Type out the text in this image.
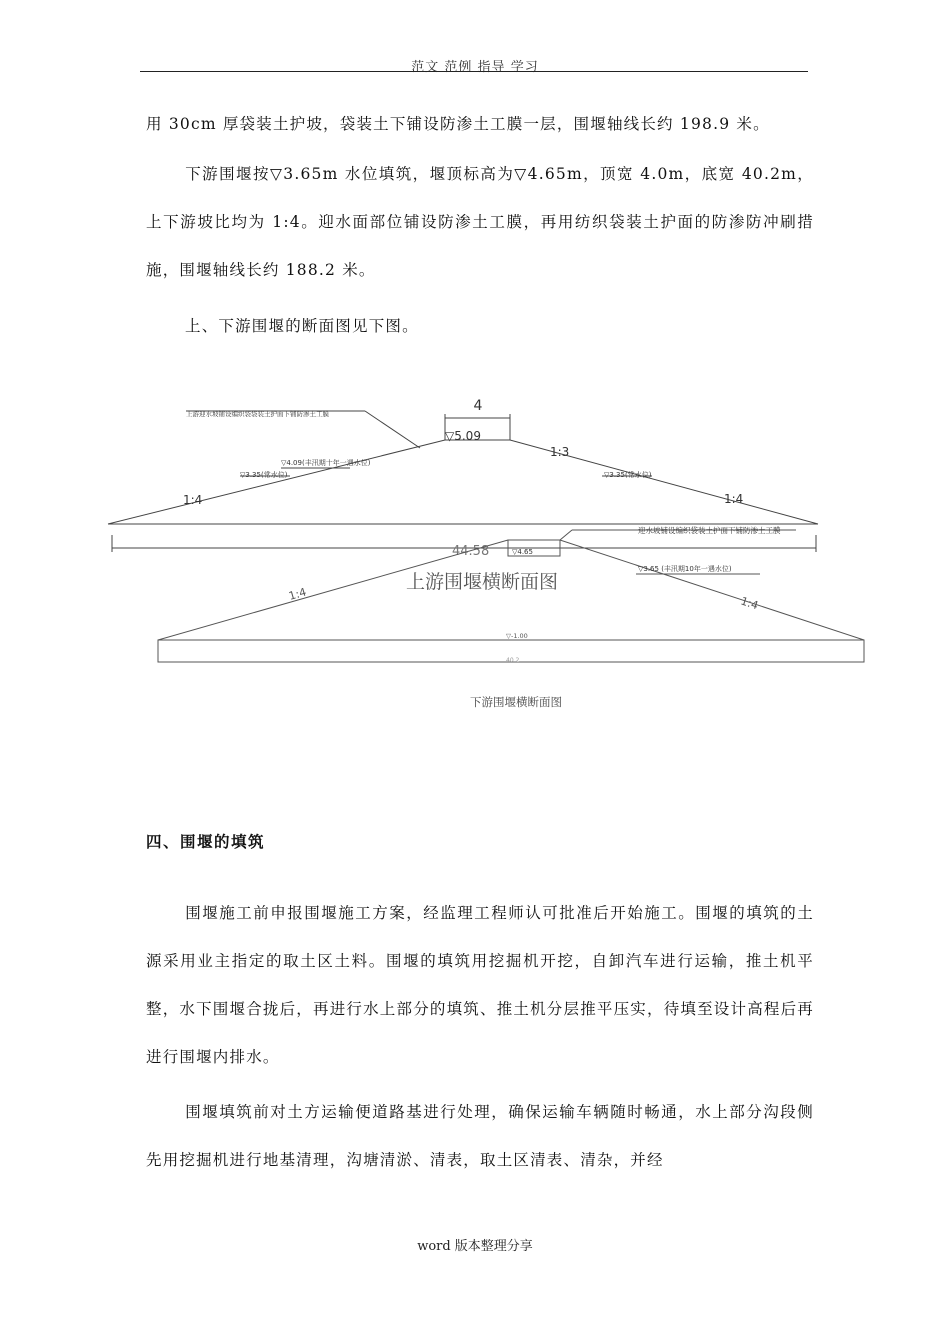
范文 范例 指导 学习

用 30cm 厚袋装土护坡，袋装土下铺设防渗土工膜一层，围堰轴线长约 198.9 米。

下游围堰按▽3.65m 水位填筑，堰顶标高为▽4.65m，顶宽 4.0m，底宽 40.2m，上下游坡比均为 1:4。迎水面部位铺设防渗土工膜，再用纺织袋装土护面的防渗防冲刷措施，围堰轴线长约 188.2 米。

上、下游围堰的断面图见下图。

4
上游迎水坡铺设编织袋袋装土护面下铺防渗土工膜
▽5.09
▽4.09(丰汛期十年一遇水位)
▽3.35(常水位)	▽3.35(常水位)
1:4
1:3
1:4
44.58
上游围堰横断面图
迎水坡铺设编织袋装土护面下铺防渗土工膜
▽4.65
▽3.65 (丰汛期10年一遇水位)
1:4
1:4
▽-1.00
40.2
下游围堰横断面图

四、围堰的填筑

围堰施工前申报围堰施工方案，经监理工程师认可批准后开始施工。围堰的填筑的土源采用业主指定的取土区土料。围堰的填筑用挖掘机开挖，自卸汽车进行运输，推土机平整，水下围堰合拢后，再进行水上部分的填筑、推土机分层推平压实，待填至设计高程后再进行围堰内排水。

围堰填筑前对土方运输便道路基进行处理，确保运输车辆随时畅通，水上部分沟段侧先用挖掘机进行地基清理，沟塘清淤、清表，取土区清表、清杂，并经

word 版本整理分享
